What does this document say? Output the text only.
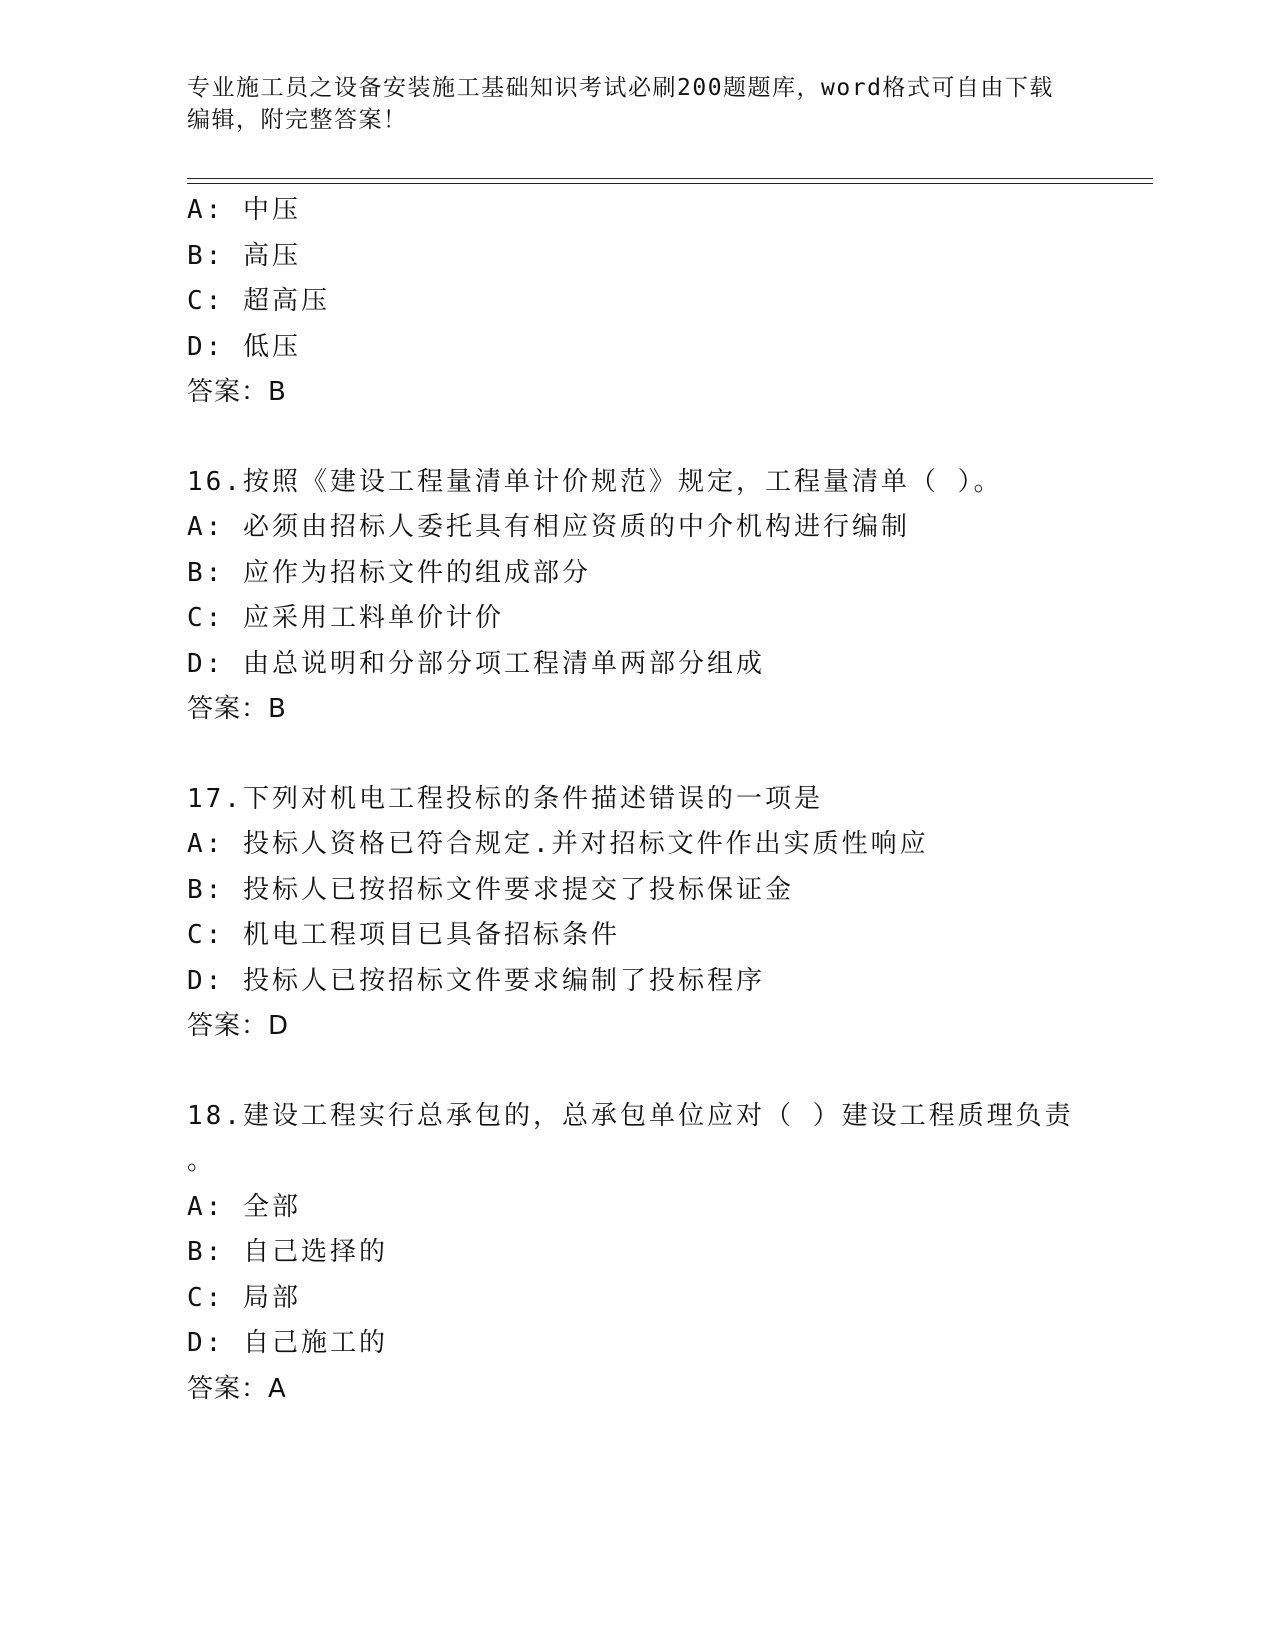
专业施工员之设备安装施工基础知识考试必刷200题题库，word格式可自由下载
编辑，附完整答案！
A: 中压
B: 高压
C: 超高压
D: 低压
答案：B
16.按照《建设工程量清单计价规范》规定，工程量清单（ ）。
A: 必须由招标人委托具有相应资质的中介机构进行编制
B: 应作为招标文件的组成部分
C: 应采用工料单价计价
D: 由总说明和分部分项工程清单两部分组成
答案：B
17.下列对机电工程投标的条件描述错误的一项是
A: 投标人资格已符合规定.并对招标文件作出实质性响应
B: 投标人已按招标文件要求提交了投标保证金
C: 机电工程项目已具备招标条件
D: 投标人已按招标文件要求编制了投标程序
答案：D
18.建设工程实行总承包的，总承包单位应对（ ）建设工程质理负责
。
A: 全部
B: 自己选择的
C: 局部
D: 自己施工的
答案：A
